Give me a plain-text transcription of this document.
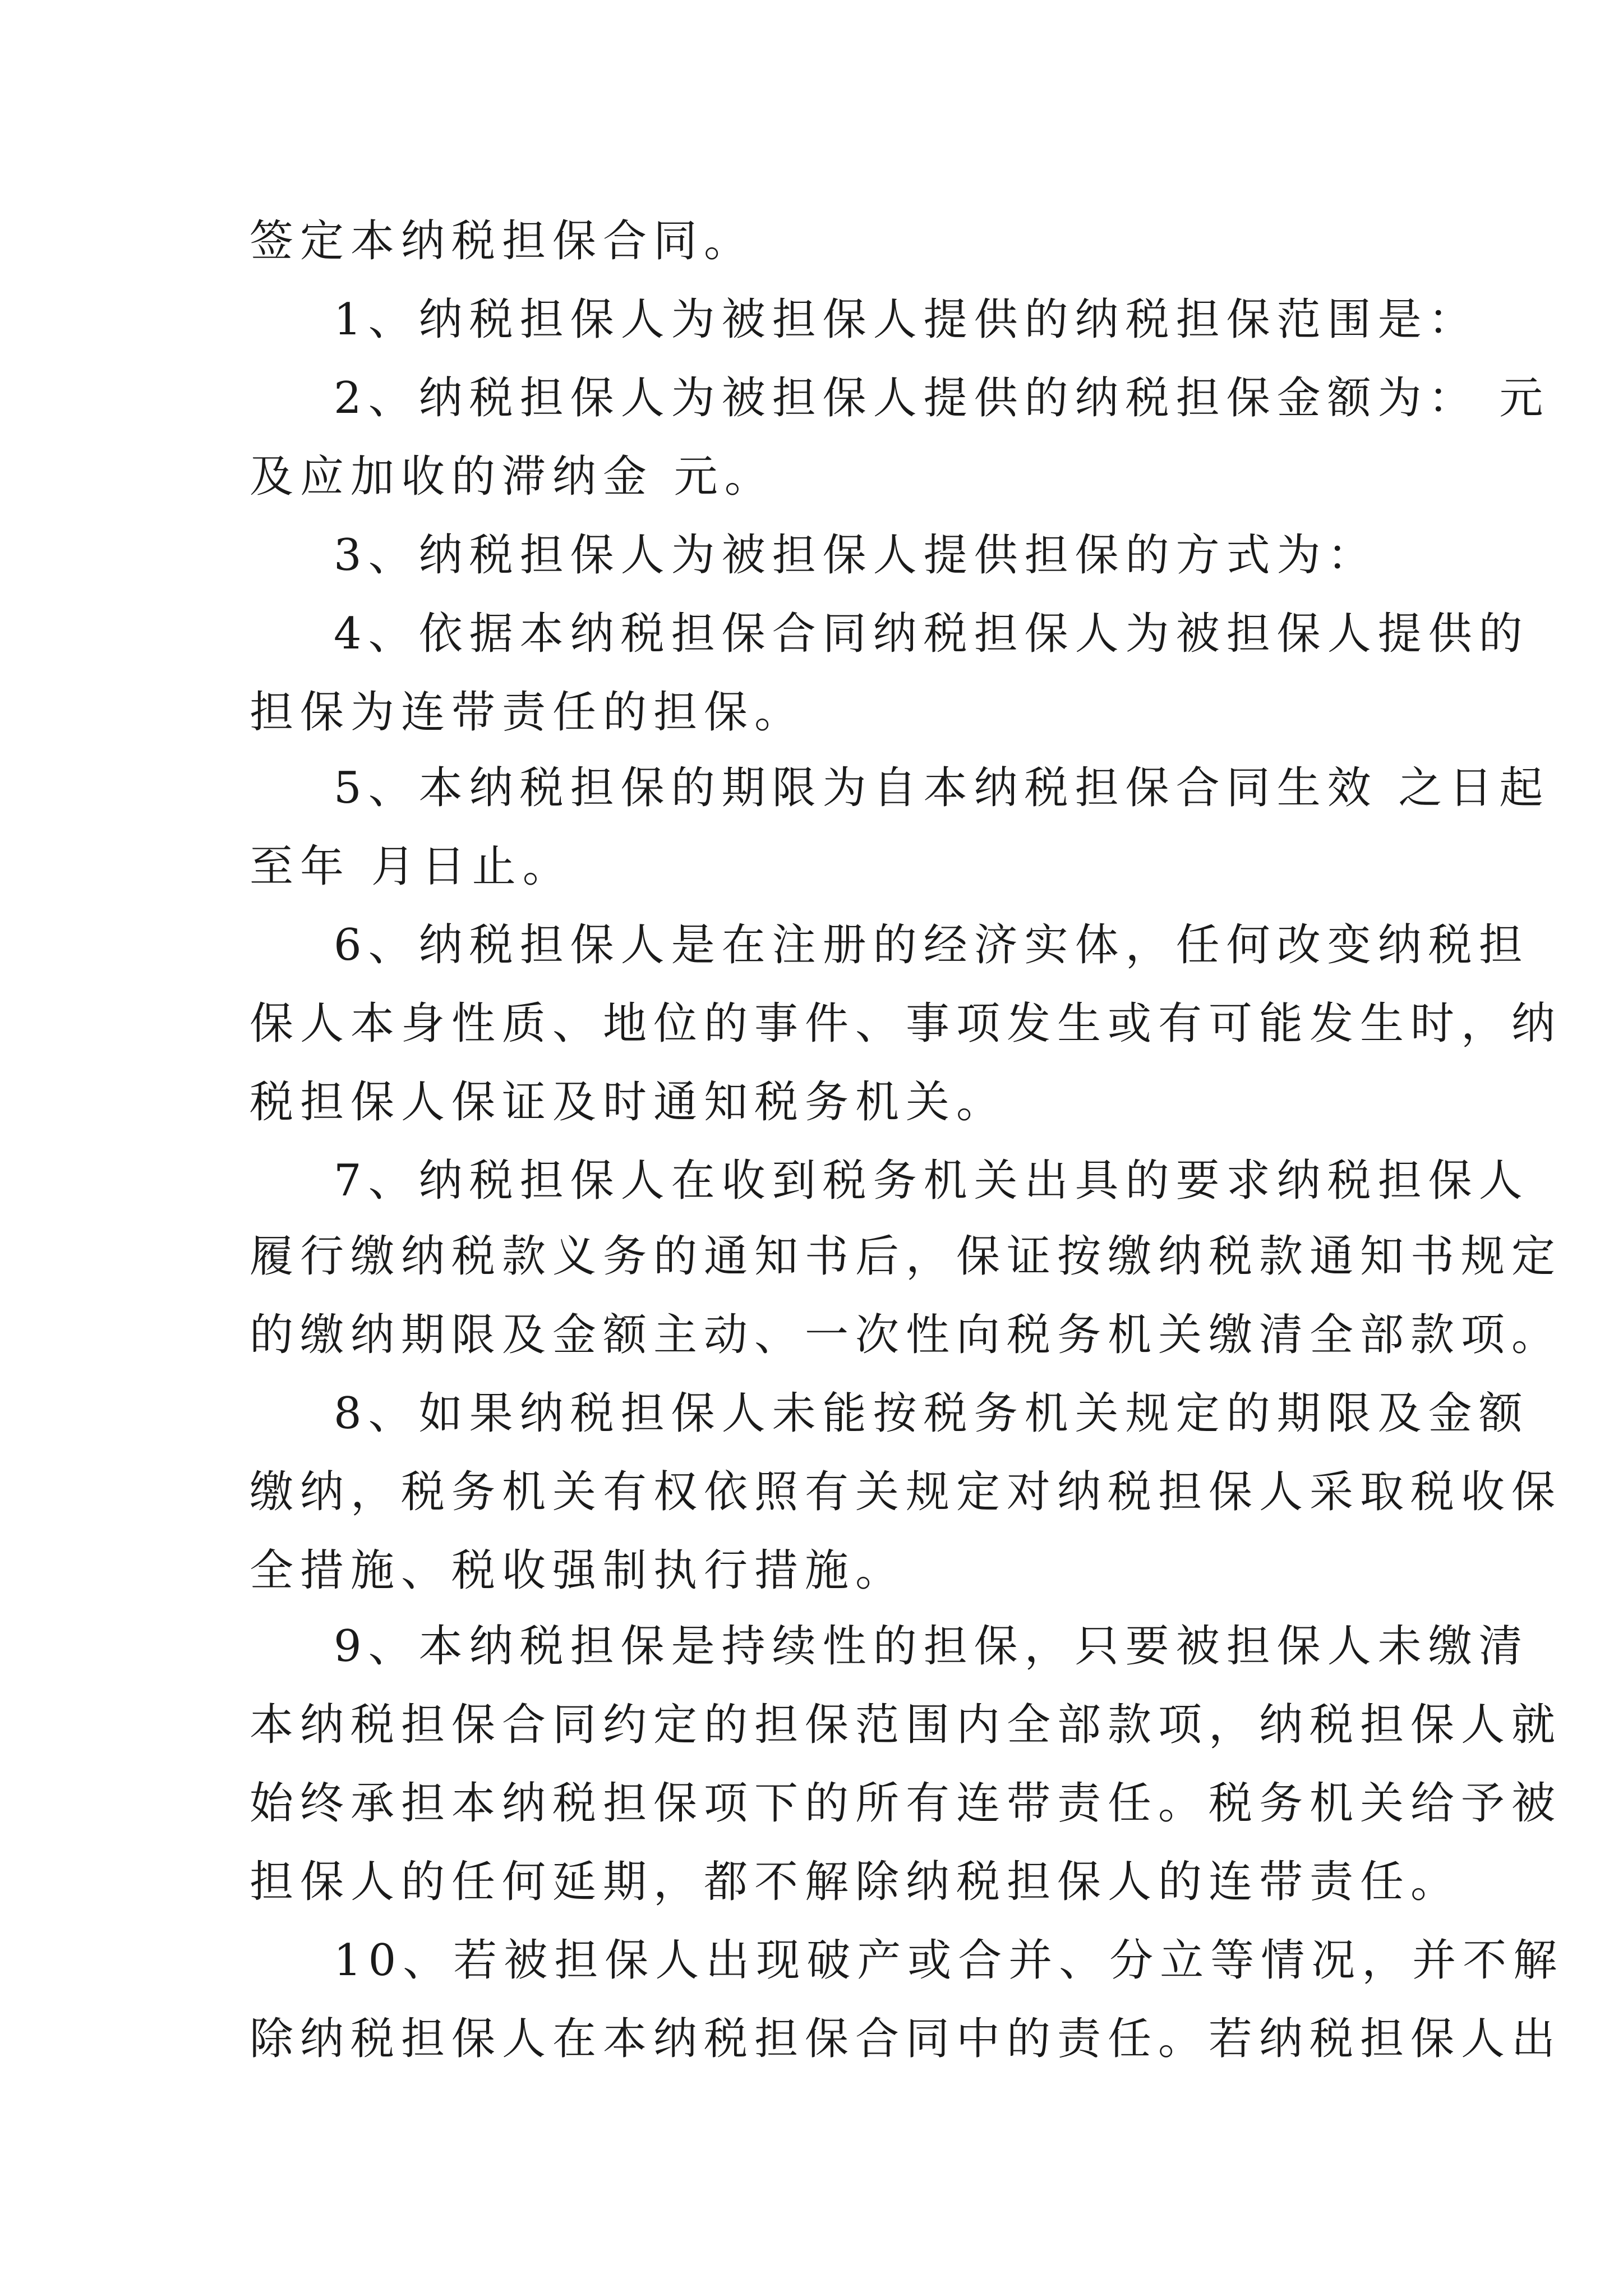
签定本纳税担保合同。
1、纳税担保人为被担保人提供的纳税担保范围是：
2、纳税担保人为被担保人提供的纳税担保金额为： 元
及应加收的滞纳金 元。
3、纳税担保人为被担保人提供担保的方式为：
4、依据本纳税担保合同纳税担保人为被担保人提供的
担保为连带责任的担保。
5、本纳税担保的期限为自本纳税担保合同生效 之日起
至年 月日止。
6、纳税担保人是在注册的经济实体，任何改变纳税担
保人本身性质、地位的事件、事项发生或有可能发生时，纳
税担保人保证及时通知税务机关。
7、纳税担保人在收到税务机关出具的要求纳税担保人
履行缴纳税款义务的通知书后，保证按缴纳税款通知书规定
的缴纳期限及金额主动、一次性向税务机关缴清全部款项。
8、如果纳税担保人未能按税务机关规定的期限及金额
缴纳，税务机关有权依照有关规定对纳税担保人采取税收保
全措施、税收强制执行措施。
9、本纳税担保是持续性的担保，只要被担保人未缴清
本纳税担保合同约定的担保范围内全部款项，纳税担保人就
始终承担本纳税担保项下的所有连带责任。税务机关给予被
担保人的任何延期，都不解除纳税担保人的连带责任。
10、若被担保人出现破产或合并、分立等情况，并不解
除纳税担保人在本纳税担保合同中的责任。若纳税担保人出
